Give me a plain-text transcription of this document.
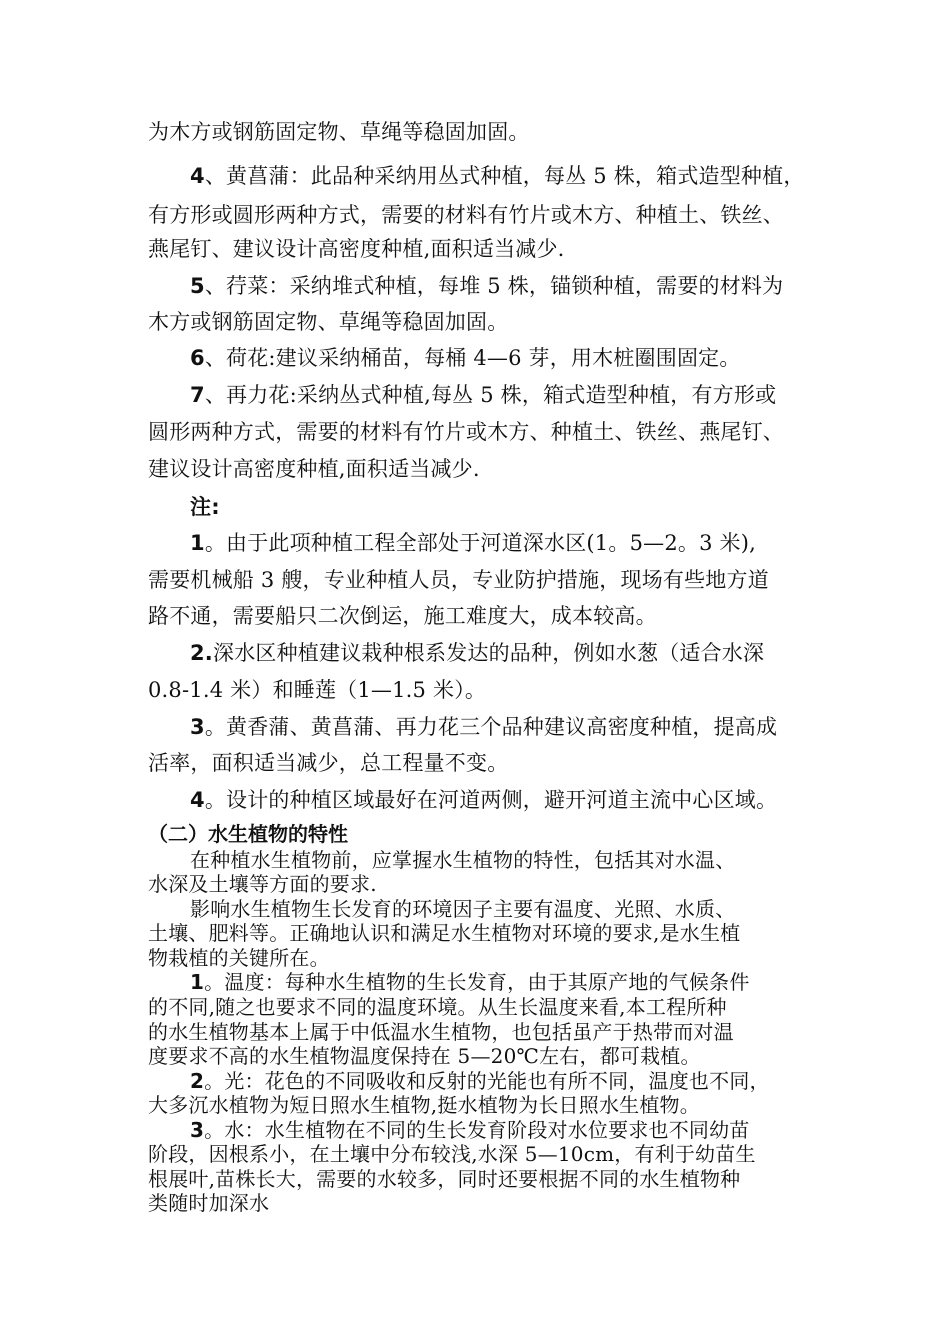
为木方或钢筋固定物、草绳等稳固加固。
4、黄菖蒲：此品种采纳用丛式种植，每丛 5 株，箱式造型种植，
有方形或圆形两种方式，需要的材料有竹片或木方、种植土、铁丝、
燕尾钉、建议设计高密度种植,面积适当减少.
5、荇菜：采纳堆式种植，每堆 5 株，锚锁种植，需要的材料为
木方或钢筋固定物、草绳等稳固加固。
6、荷花:建议采纳桶苗，每桶 4—6 芽，用木桩圈围固定。
7、再力花:采纳丛式种植,每丛 5 株，箱式造型种植，有方形或
圆形两种方式，需要的材料有竹片或木方、种植土、铁丝、燕尾钉、
建议设计高密度种植,面积适当减少.
注:
1。由于此项种植工程全部处于河道深水区(1。5—2。3 米),
需要机械船 3 艘，专业种植人员，专业防护措施，现场有些地方道
路不通，需要船只二次倒运，施工难度大，成本较高。
2.深水区种植建议栽种根系发达的品种，例如水葱（适合水深
0.8-1.4 米）和睡莲（1—1.5 米）。
3。黄香蒲、黄菖蒲、再力花三个品种建议高密度种植，提高成
活率，面积适当减少，总工程量不变。
4。设计的种植区域最好在河道两侧，避开河道主流中心区域。
（二）水生植物的特性
在种植水生植物前，应掌握水生植物的特性，包括其对水温、
水深及土壤等方面的要求.
影响水生植物生长发育的环境因子主要有温度、光照、水质、
土壤、肥料等。正确地认识和满足水生植物对环境的要求,是水生植
物栽植的关键所在。
1。温度：每种水生植物的生长发育，由于其原产地的气候条件
的不同,随之也要求不同的温度环境。从生长温度来看,本工程所种
的水生植物基本上属于中低温水生植物，也包括虽产于热带而对温
度要求不高的水生植物温度保持在 5—20℃左右，都可栽植。
2。光：花色的不同吸收和反射的光能也有所不同，温度也不同，
大多沉水植物为短日照水生植物,挺水植物为长日照水生植物。
3。水：水生植物在不同的生长发育阶段对水位要求也不同幼苗
阶段，因根系小，在土壤中分布较浅,水深 5—10cm，有利于幼苗生
根展叶,苗株长大，需要的水较多，同时还要根据不同的水生植物种
类随时加深水
